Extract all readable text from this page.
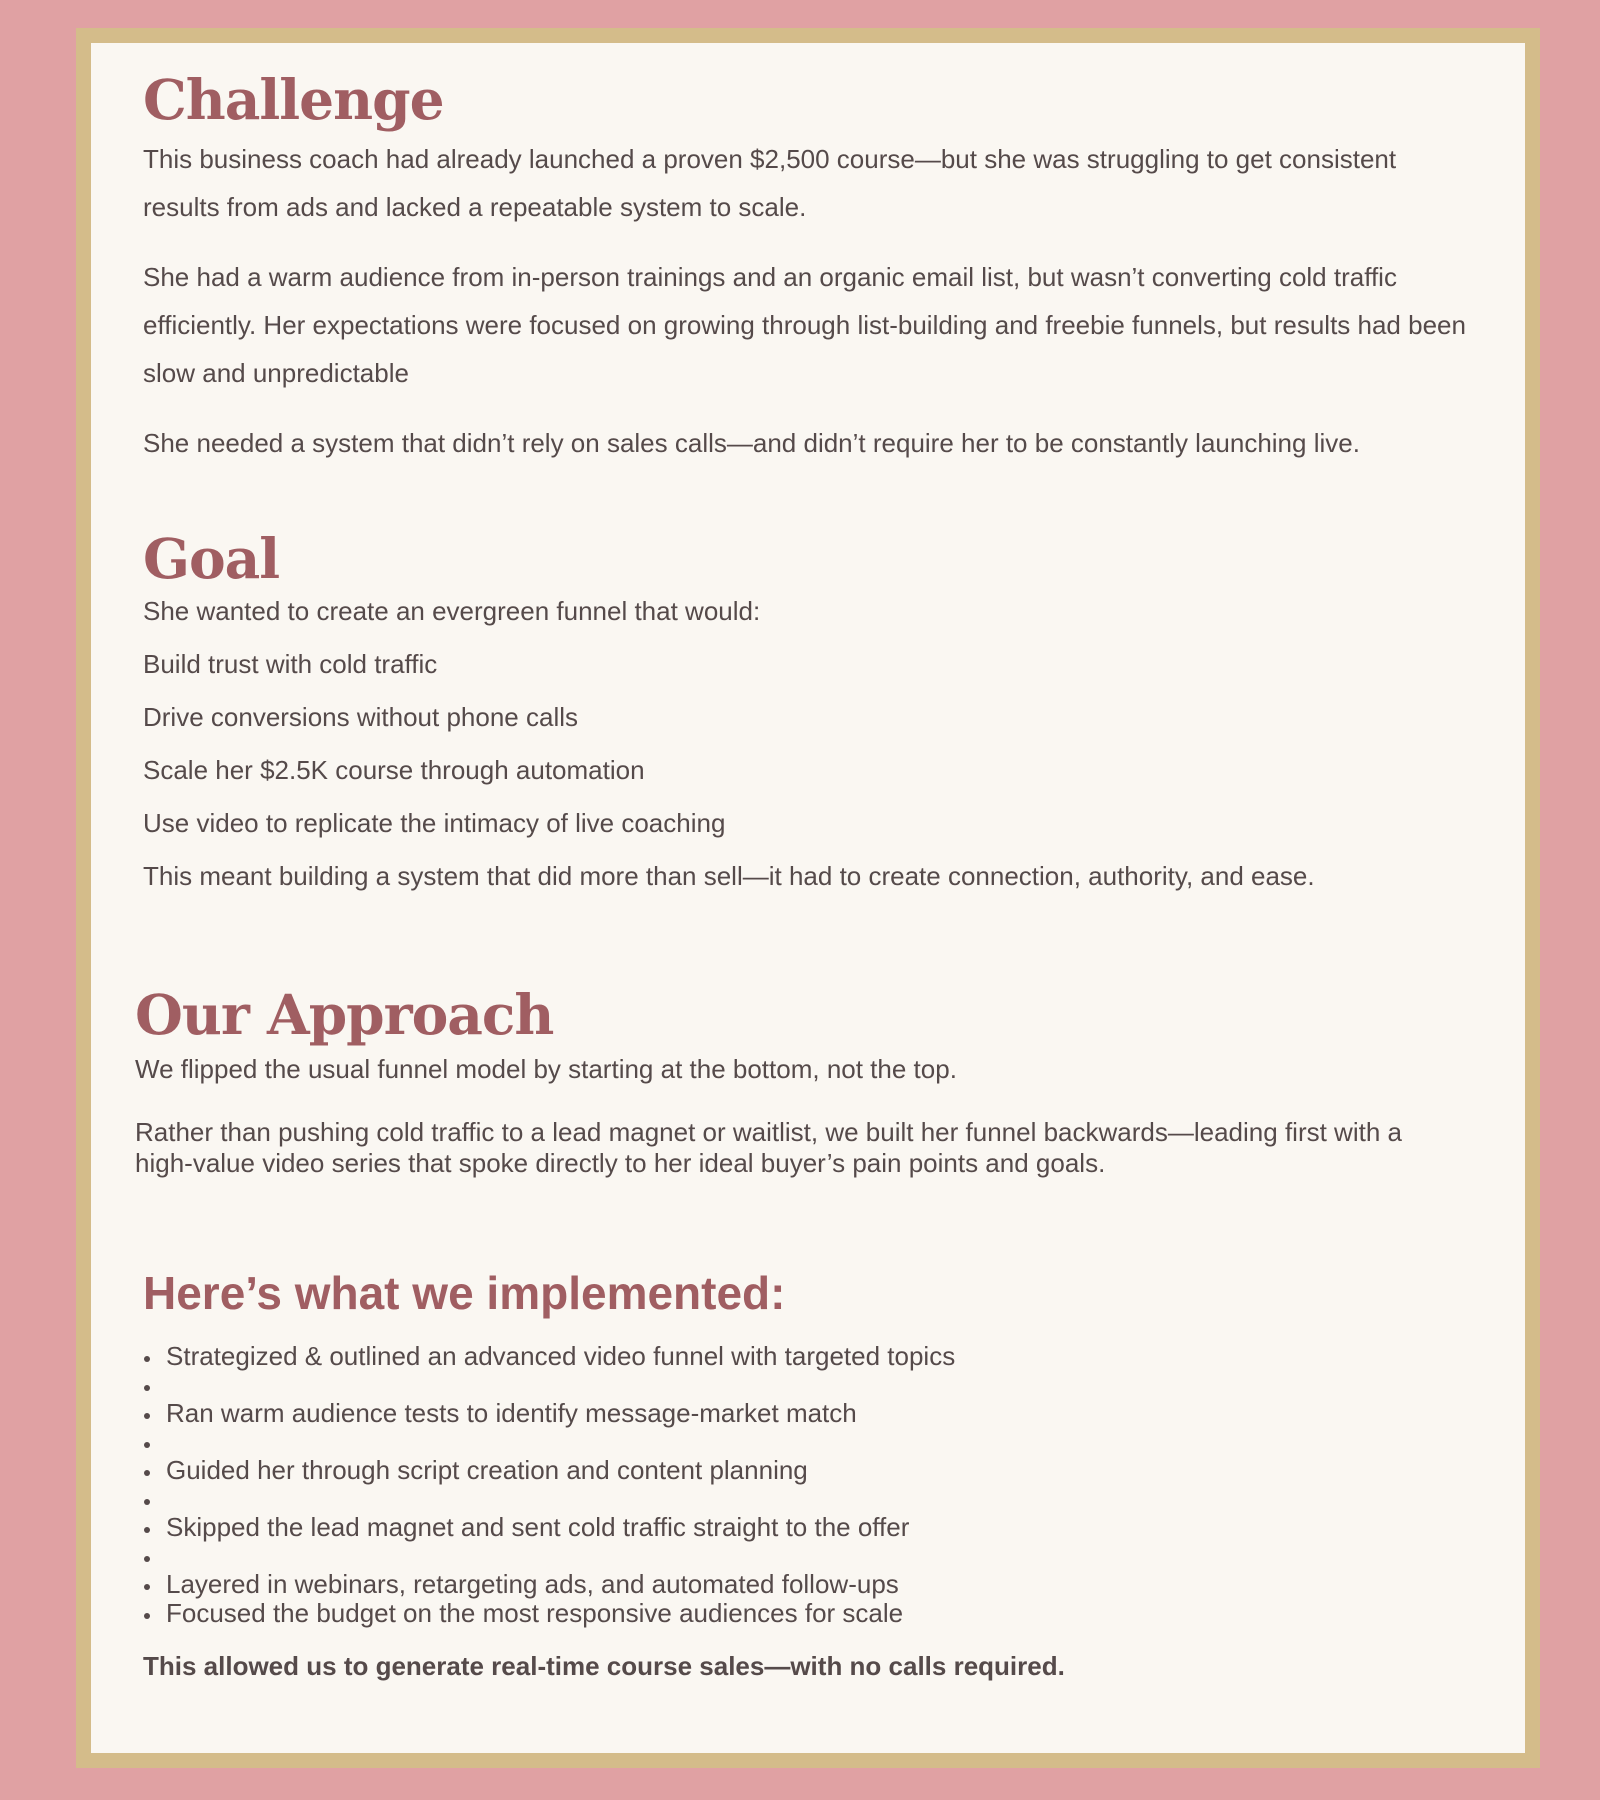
Challenge

This business coach had already launched a proven $2,500 course—but she was struggling to get consistent results from ads and lacked a repeatable system to scale.

She had a warm audience from in-person trainings and an organic email list, but wasn’t converting cold traffic efficiently. Her expectations were focused on growing through list-building and freebie funnels, but results had been slow and unpredictable

She needed a system that didn’t rely on sales calls—and didn’t require her to be constantly launching live.

Goal

She wanted to create an evergreen funnel that would:

Build trust with cold traffic

Drive conversions without phone calls

Scale her $2.5K course through automation

Use video to replicate the intimacy of live coaching

This meant building a system that did more than sell—it had to create connection, authority, and ease.

Our Approach

We flipped the usual funnel model by starting at the bottom, not the top.

Rather than pushing cold traffic to a lead magnet or waitlist, we built her funnel backwards—leading first with a high-value video series that spoke directly to her ideal buyer’s pain points and goals.

Here’s what we implemented:
Strategized & outlined an advanced video funnel with targeted topics
Ran warm audience tests to identify message-market match
Guided her through script creation and content planning
Skipped the lead magnet and sent cold traffic straight to the offer
Layered in webinars, retargeting ads, and automated follow-ups
Focused the budget on the most responsive audiences for scale

This allowed us to generate real-time course sales—with no calls required.
